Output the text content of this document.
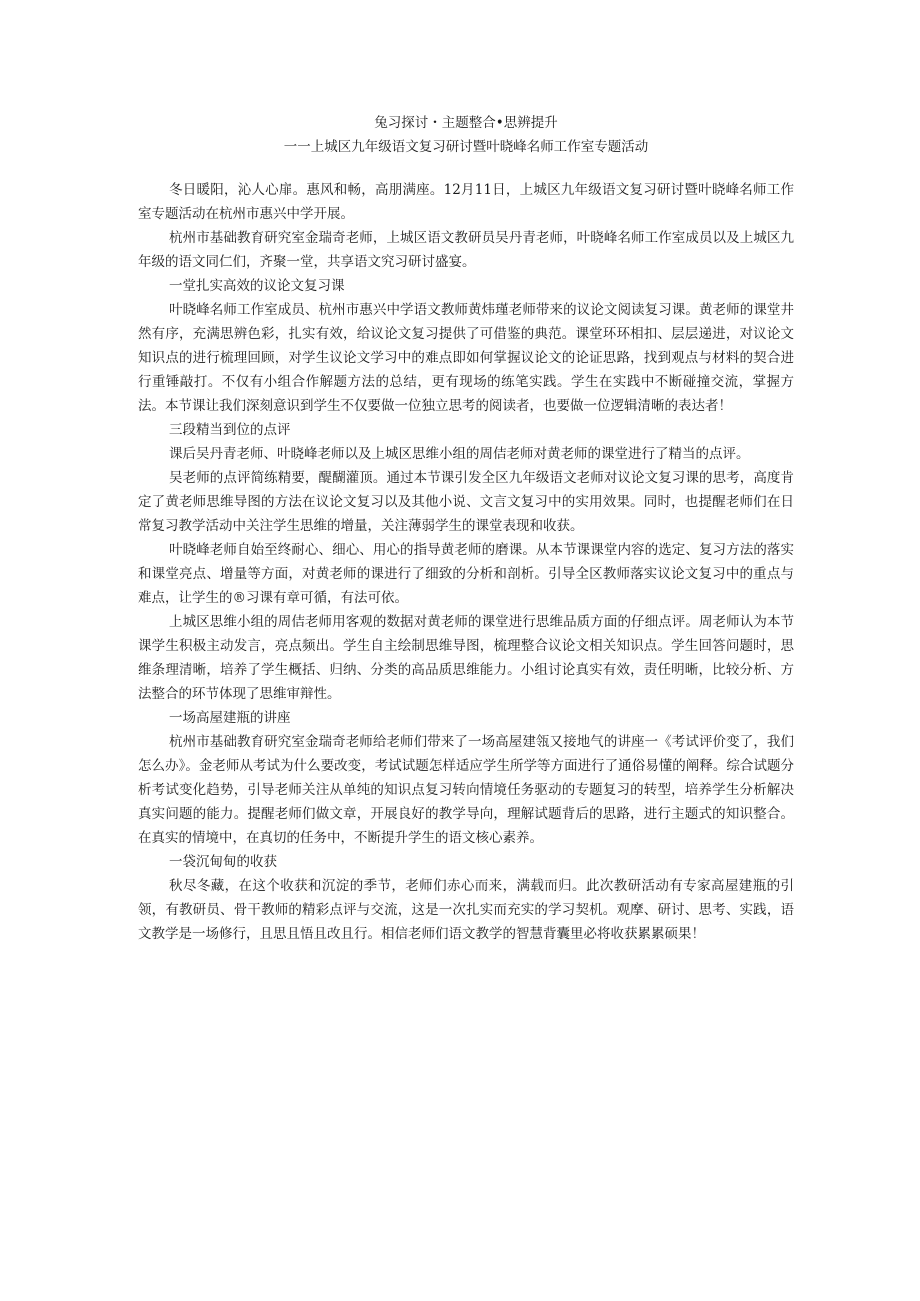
兔习探讨・主题整合•思辨提升
一一上城区九年级语文复习研讨暨叶晓峰名师工作室专题活动

冬日暖阳，沁人心扉。惠风和畅，高朋满座。12月11日，上城区九年级语文复习研讨暨叶晓峰名师工作室专题活动在杭州市惠兴中学开展。

杭州市基础教育研究室金瑞奇老师，上城区语文教研员吴丹青老师，叶晓峰名师工作室成员以及上城区九年级的语文同仁们，齐聚一堂，共享语文究习研讨盛宴。

一堂扎实高效的议论文复习课

叶晓峰名师工作室成员、杭州市惠兴中学语文教师黄炜瑾老师带来的议论文阅读复习课。黄老师的课堂井然有序，充满思辨色彩，扎实有效，给议论文复习提供了可借鉴的典范。课堂环环相扣、层层递进，对议论文知识点的进行梳理回顾，对学生议论文学习中的难点即如何掌握议论文的论证思路，找到观点与材料的契合进行重锤敲打。不仅有小组合作解题方法的总结，更有现场的练笔实践。学生在实践中不断碰撞交流，掌握方法。本节课让我们深刻意识到学生不仅要做一位独立思考的阅读者，也要做一位逻辑清晰的表达者！

三段精当到位的点评

课后吴丹青老师、叶晓峰老师以及上城区思维小组的周佶老师对黄老师的课堂进行了精当的点评。

吴老师的点评简练精要，醍醐灌顶。通过本节课引发全区九年级语文老师对议论文复习课的思考，高度肯定了黄老师思维导图的方法在议论文复习以及其他小说、文言文复习中的实用效果。同时，也提醒老师们在日常复习教学活动中关注学生思维的增量，关注薄弱学生的课堂表现和收获。

叶晓峰老师自始至终耐心、细心、用心的指导黄老师的磨课。从本节课课堂内容的选定、复习方法的落实和课堂亮点、增量等方面，对黄老师的课进行了细致的分析和剖析。引导全区教师落实议论文复习中的重点与难点，让学生的®习课有章可循，有法可依。

上城区思维小组的周佶老师用客观的数据对黄老师的课堂进行思维品质方面的仔细点评。周老师认为本节课学生积极主动发言，亮点频出。学生自主绘制思维导图，梳理整合议论文相关知识点。学生回答问题时，思维条理清晰，培养了学生概括、归纳、分类的高品质思维能力。小组讨论真实有效，责任明晰，比较分析、方法整合的环节体现了思维审辩性。

一场高屋建瓶的讲座

杭州市基础教育研究室金瑞奇老师给老师们带来了一场高屋建瓴又接地气的讲座一《考试评价变了，我们怎么办》。金老师从考试为什么要改变，考试试题怎样适应学生所学等方面进行了通俗易懂的阐释。综合试题分析考试变化趋势，引导老师关注从单纯的知识点复习转向情境任务驱动的专题复习的转型，培养学生分析解决真实问题的能力。提醒老师们做文章，开展良好的教学导向，理解试题背后的思路，进行主题式的知识整合。在真实的情境中，在真切的任务中，不断提升学生的语文核心素养。

一袋沉甸甸的收获

秋尽冬藏，在这个收获和沉淀的季节，老师们赤心而来，满载而归。此次教研活动有专家高屋建瓶的引领，有教研员、骨干教师的精彩点评与交流，这是一次扎实而充实的学习契机。观摩、研讨、思考、实践，语文教学是一场修行，且思且悟且改且行。相信老师们语文教学的智慧背囊里必将收获累累硕果！
